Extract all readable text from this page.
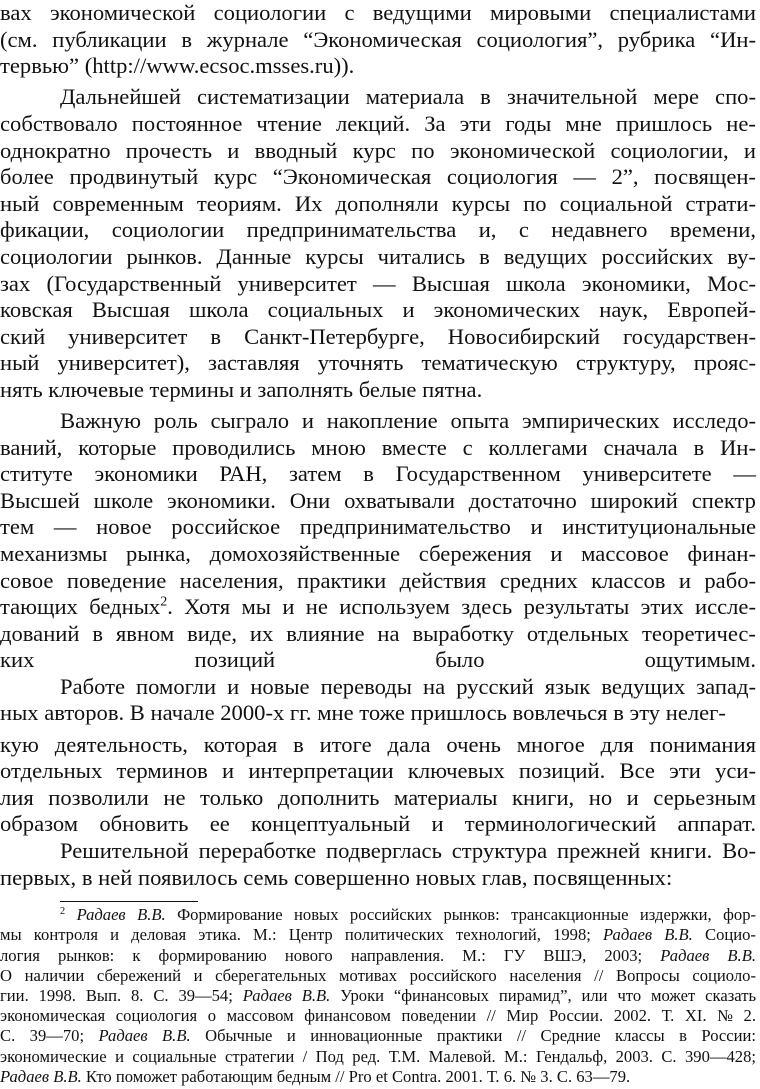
вах экономической социологии с ведущими мировыми специалистами
(см. публикации в журнале “Экономическая социология”, рубрика “Ин-
тервью” (http://www.ecsoc.msses.ru)).
Дальнейшей систематизации материала в значительной мере спо-
собствовало постоянное чтение лекций. За эти годы мне пришлось не-
однократно прочесть и вводный курс по экономической социологии, и
более продвинутый курс “Экономическая социология — 2”, посвящен-
ный современным теориям. Их дополняли курсы по социальной страти-
фикации, социологии предпринимательства и, с недавнего времени,
социологии рынков. Данные курсы читались в ведущих российских ву-
зах (Государственный университет — Высшая школа экономики, Мос-
ковская Высшая школа социальных и экономических наук, Европей-
ский университет в Санкт-Петербурге, Новосибирский государствен-
ный университет), заставляя уточнять тематическую структуру, прояс-
нять ключевые термины и заполнять белые пятна.
Важную роль сыграло и накопление опыта эмпирических исследо-
ваний, которые проводились мною вместе с коллегами сначала в Ин-
ституте экономики РАН, затем в Государственном университете —
Высшей школе экономики. Они охватывали достаточно широкий спектр
тем — новое российское предпринимательство и институциональные
механизмы рынка, домохозяйственные сбережения и массовое финан-
совое поведение населения, практики действия средних классов и рабо-
тающих бедных$^2$. Хотя мы и не используем здесь результаты этих иссле-
дований в явном виде, их влияние на выработку отдельных теоретичес-
ких позиций было ощутимым.
Работе помогли и новые переводы на русский язык ведущих запад-
ных авторов. В начале 2000-х гг. мне тоже пришлось вовлечься в эту нелег-
кую деятельность, которая в итоге дала очень многое для понимания
отдельных терминов и интерпретации ключевых позиций. Все эти уси-
лия позволили не только дополнить материалы книги, но и серьезным
образом обновить ее концептуальный и терминологический аппарат.
Решительной переработке подверглась структура прежней книги. Во-
первых, в ней появилось семь совершенно новых глав, посвященных:
$^2$ Радаев В.В. Формирование новых российских рынков: трансакционные издержки, фор-
мы контроля и деловая этика. М.: Центр политических технологий, 1998; Радаев В.В. Социо-
логия рынков: к формированию нового направления. М.: ГУ ВШЭ, 2003; Радаев В.В.
О наличии сбережений и сберегательных мотивах российского населения // Вопросы социоло-
гии. 1998. Вып. 8. С. 39—54; Радаев В.В. Уроки “финансовых пирамид”, или что может сказать
экономическая социология о массовом финансовом поведении // Мир России. 2002. Т. XI. № 2.
С. 39—70; Радаев В.В. Обычные и инновационные практики // Средние классы в России:
экономические и социальные стратегии / Под ред. Т.М. Малевой. М.: Гендальф, 2003. С. 390—428;
Радаев В.В. Кто поможет работающим бедным // Pro et Contra. 2001. Т. 6. № 3. С. 63—79.
